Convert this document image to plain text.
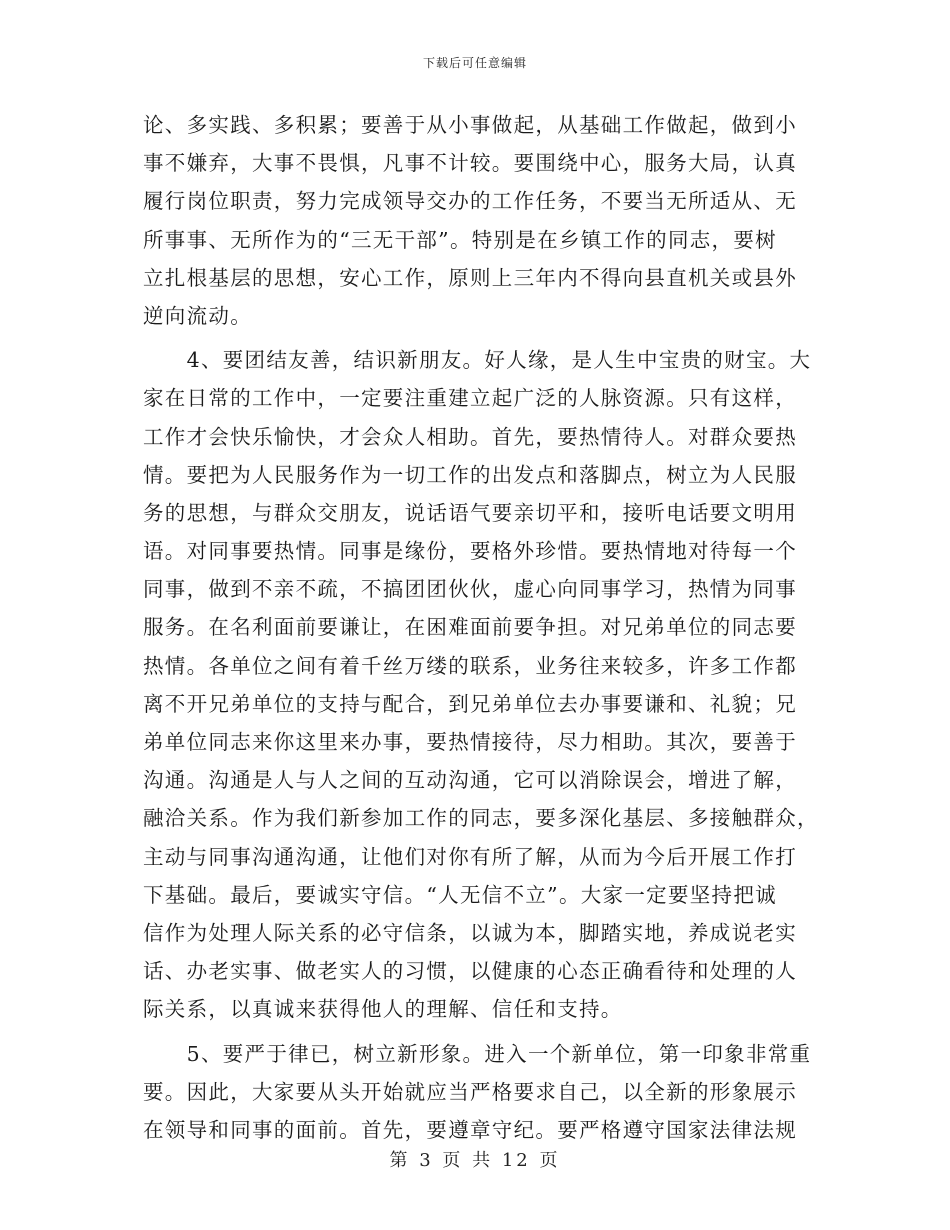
下载后可任意编辑
论、多实践、多积累；要善于从小事做起，从基础工作做起，做到小
事不嫌弃，大事不畏惧，凡事不计较。要围绕中心，服务大局，认真
履行岗位职责，努力完成领导交办的工作任务，不要当无所适从、无
所事事、无所作为的“三无干部”。特别是在乡镇工作的同志，要树
立扎根基层的思想，安心工作，原则上三年内不得向县直机关或县外
逆向流动。
　　4、要团结友善，结识新朋友。好人缘，是人生中宝贵的财宝。大
家在日常的工作中，一定要注重建立起广泛的人脉资源。只有这样，
工作才会快乐愉快，才会众人相助。首先，要热情待人。对群众要热
情。要把为人民服务作为一切工作的出发点和落脚点，树立为人民服
务的思想，与群众交朋友，说话语气要亲切平和，接听电话要文明用
语。对同事要热情。同事是缘份，要格外珍惜。要热情地对待每一个
同事，做到不亲不疏，不搞团团伙伙，虚心向同事学习，热情为同事
服务。在名利面前要谦让，在困难面前要争担。对兄弟单位的同志要
热情。各单位之间有着千丝万缕的联系，业务往来较多，许多工作都
离不开兄弟单位的支持与配合，到兄弟单位去办事要谦和、礼貌；兄
弟单位同志来你这里来办事，要热情接待，尽力相助。其次，要善于
沟通。沟通是人与人之间的互动沟通，它可以消除误会，增进了解，
融洽关系。作为我们新参加工作的同志，要多深化基层、多接触群众，
主动与同事沟通沟通，让他们对你有所了解，从而为今后开展工作打
下基础。最后，要诚实守信。“人无信不立”。大家一定要坚持把诚
信作为处理人际关系的必守信条，以诚为本，脚踏实地，养成说老实
话、办老实事、做老实人的习惯，以健康的心态正确看待和处理的人
际关系，以真诚来获得他人的理解、信任和支持。
　　5、要严于律已，树立新形象。进入一个新单位，第一印象非常重
要。因此，大家要从头开始就应当严格要求自己，以全新的形象展示
在领导和同事的面前。首先，要遵章守纪。要严格遵守国家法律法规
第 3 页 共 12 页
